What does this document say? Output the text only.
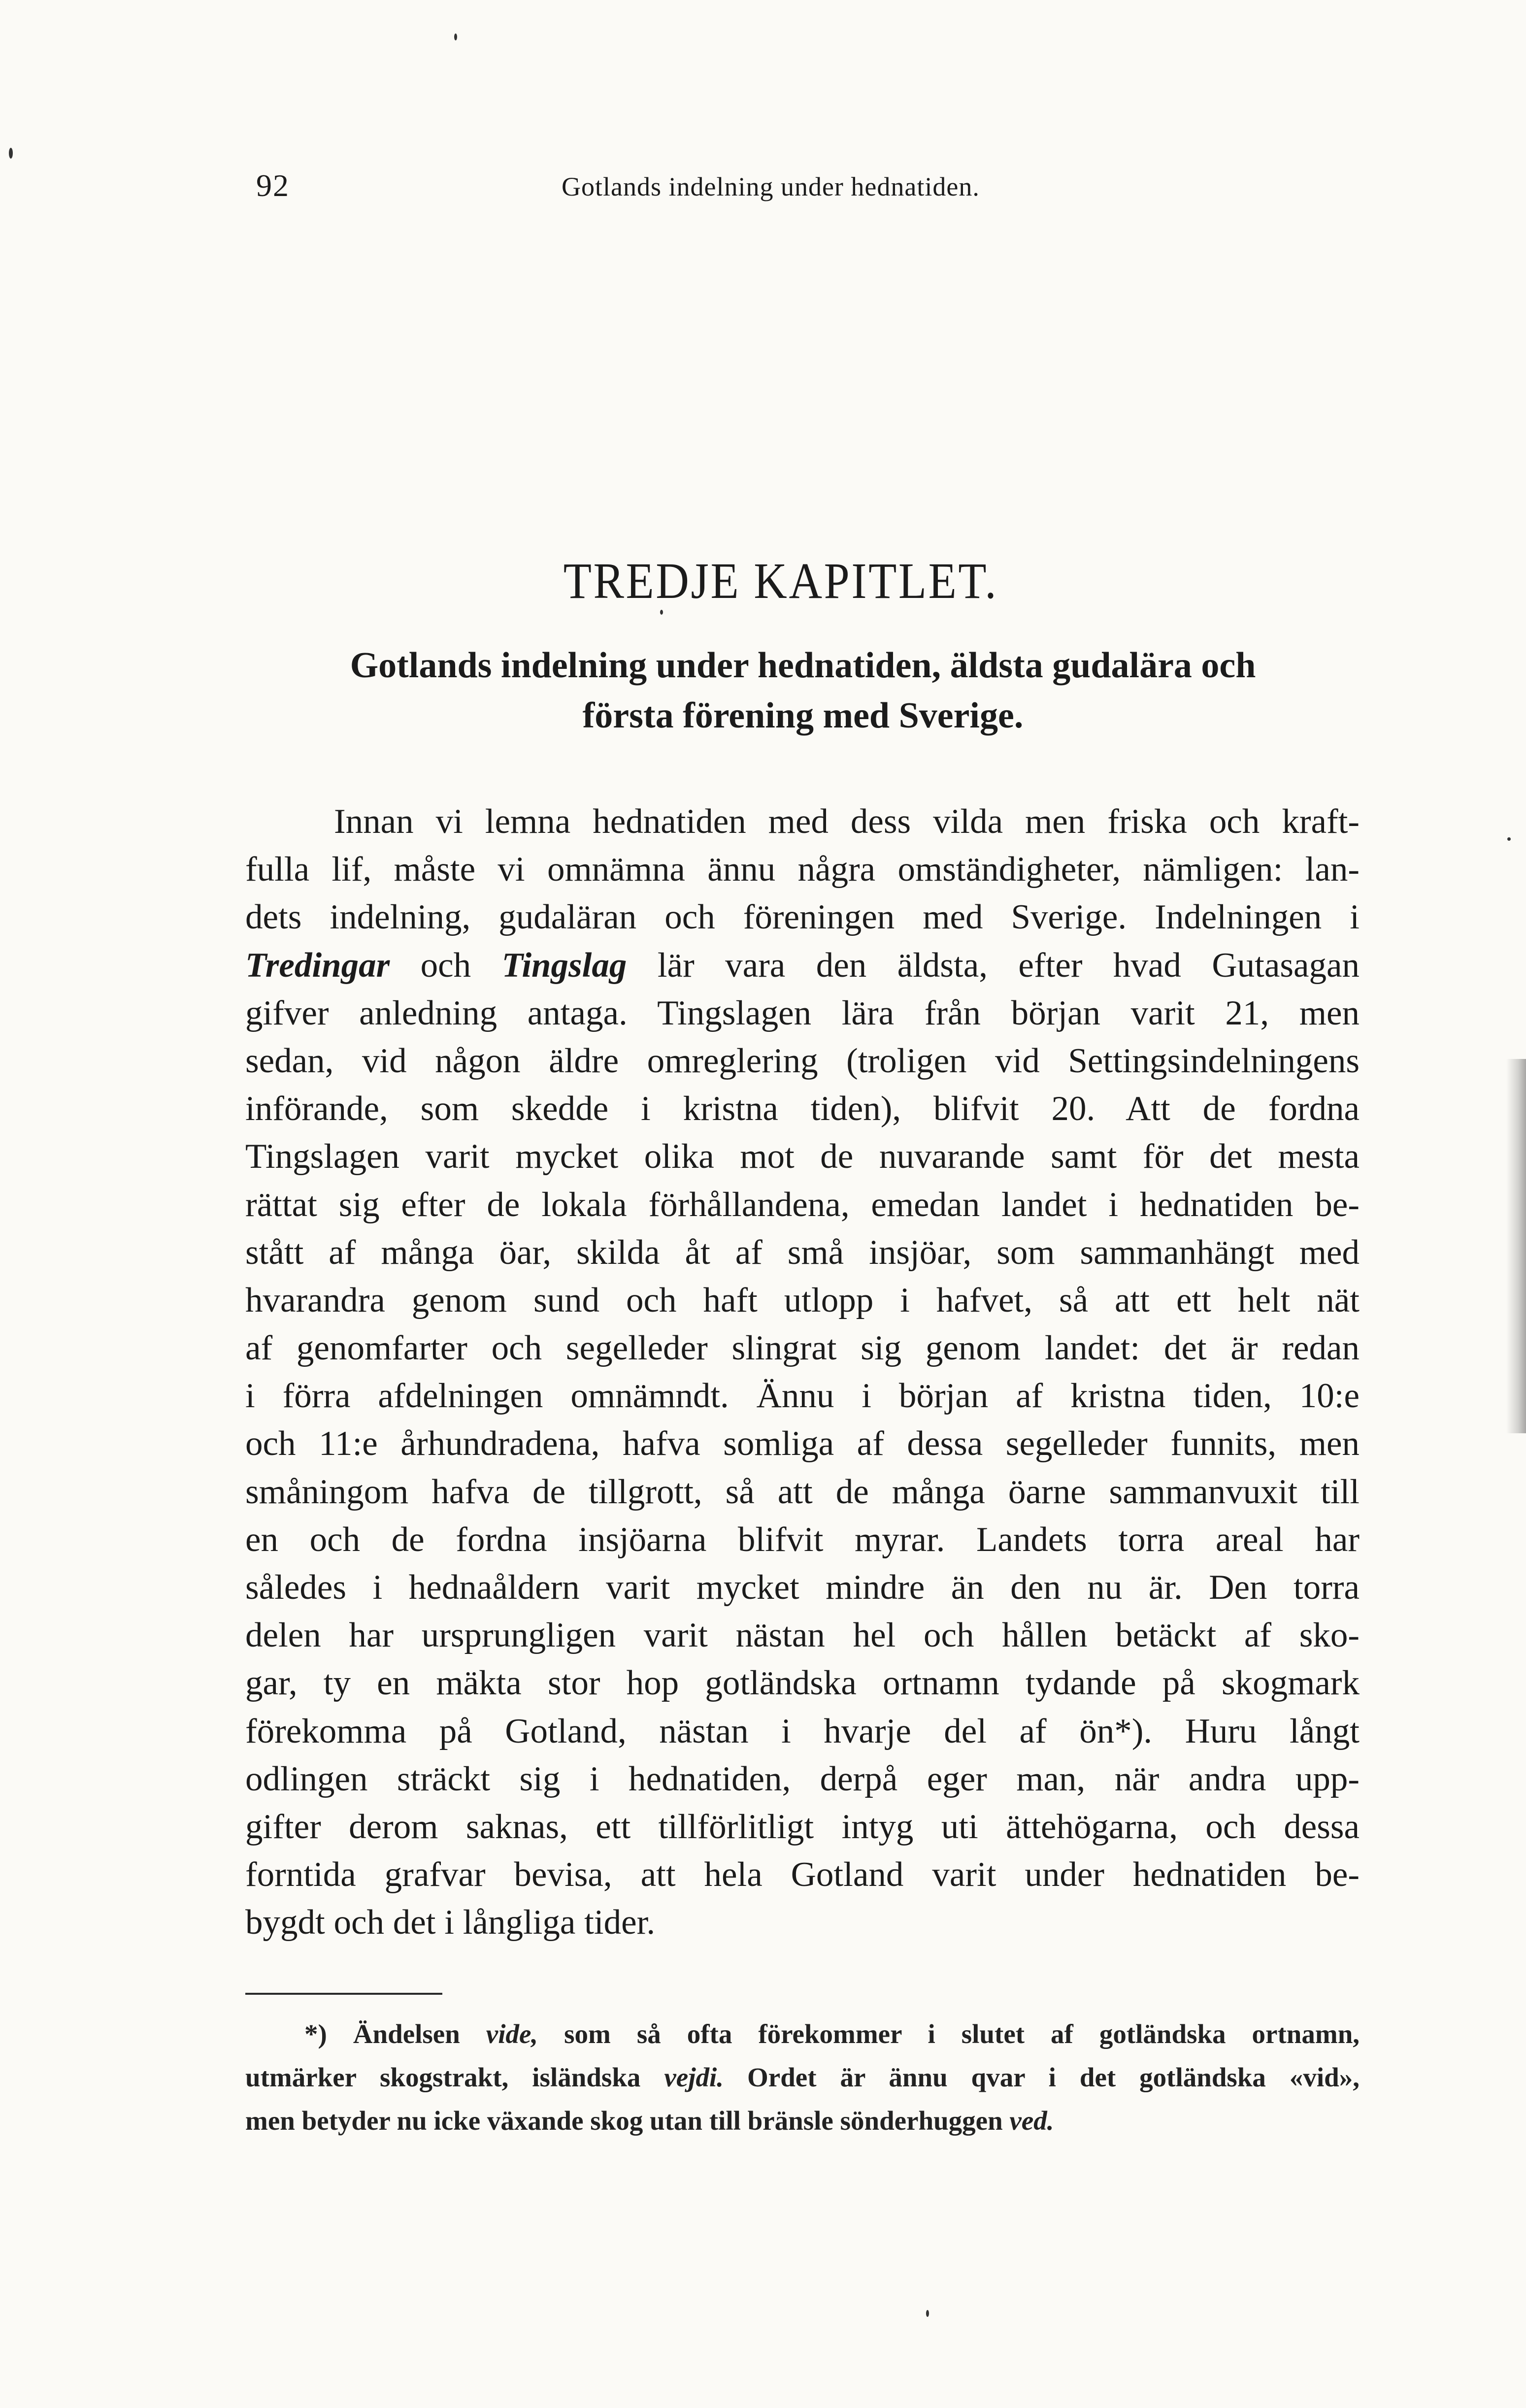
92	Gotlands indelning under hednatiden.
TREDJE KAPITLET.
Gotlands indelning under hednatiden, äldsta gudalära och
första förening med Sverige.
Innan vi lemna hednatiden med dess vilda men friska och kraft-
fulla lif, måste vi omnämna ännu några omständigheter, nämligen: lan-
dets indelning, gudaläran och föreningen med Sverige. Indelningen i
Tredingar och Tingslag lär vara den äldsta, efter hvad Gutasagan
gifver anledning antaga. Tingslagen lära från början varit 21, men
sedan, vid någon äldre omreglering (troligen vid Settingsindelningens
införande, som skedde i kristna tiden), blifvit 20. Att de fordna
Tingslagen varit mycket olika mot de nuvarande samt för det mesta
rättat sig efter de lokala förhållandena, emedan landet i hednatiden be-
stått af många öar, skilda åt af små insjöar, som sammanhängt med
hvarandra genom sund och haft utlopp i hafvet, så att ett helt nät
af genomfarter och segelleder slingrat sig genom landet: det är redan
i förra afdelningen omnämndt. Ännu i början af kristna tiden, 10:e
och 11:e århundradena, hafva somliga af dessa segelleder funnits, men
småningom hafva de tillgrott, så att de många öarne sammanvuxit till
en och de fordna insjöarna blifvit myrar. Landets torra areal har
således i hednaåldern varit mycket mindre än den nu är. Den torra
delen har ursprungligen varit nästan hel och hållen betäckt af sko-
gar, ty en mäkta stor hop gotländska ortnamn tydande på skogmark
förekomma på Gotland, nästan i hvarje del af ön*). Huru långt
odlingen sträckt sig i hednatiden, derpå eger man, när andra upp-
gifter derom saknas, ett tillförlitligt intyg uti ättehögarna, och dessa
forntida grafvar bevisa, att hela Gotland varit under hednatiden be-
bygdt och det i långliga tider.
*) Ändelsen vide, som så ofta förekommer i slutet af gotländska ortnamn,
utmärker skogstrakt, isländska vejdi. Ordet är ännu qvar i det gotländska «vid»,
men betyder nu icke växande skog utan till bränsle sönderhuggen ved.
